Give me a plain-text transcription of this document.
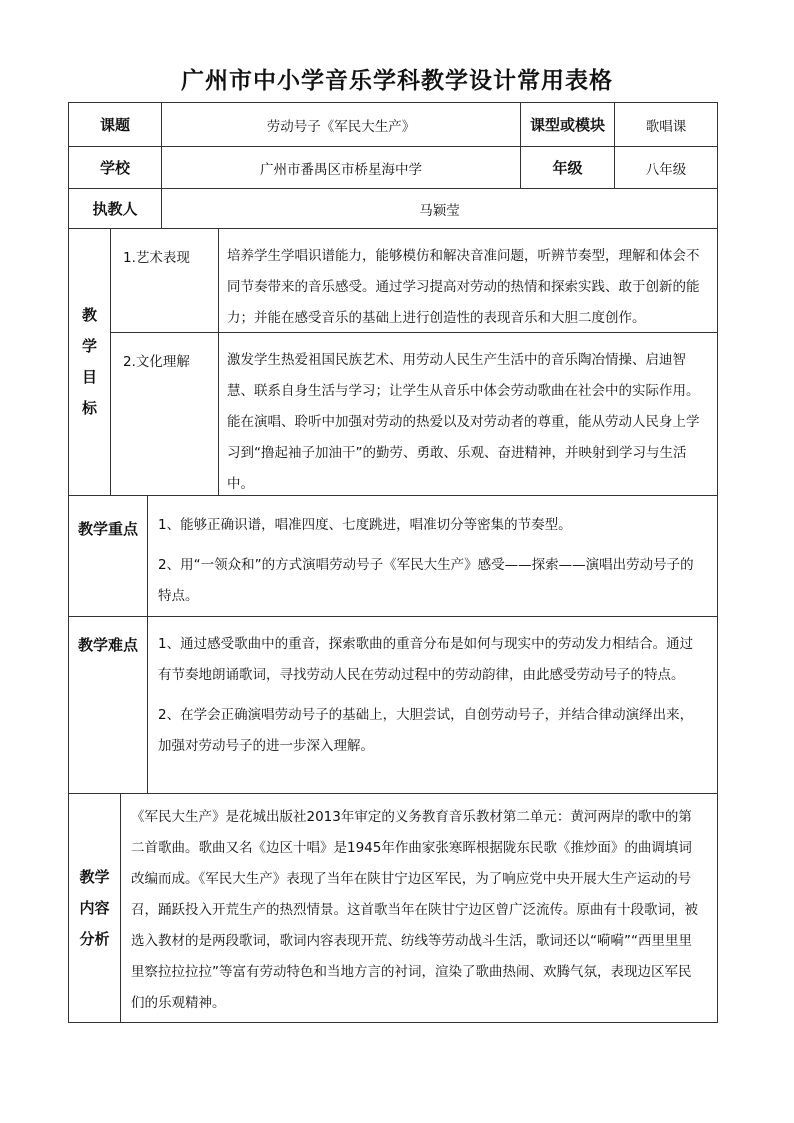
广州市中小学音乐学科教学设计常用表格
课题	劳动号子《军民大生产》	课型或模块	歌唱课
学校	广州市番禺区市桥星海中学	年级	八年级
执教人	马颖莹
教
学
目
标
1.艺术表现	培养学生学唱识谱能力，能够模仿和解决音准问题，听辨节奏型，理解和体会不同节奏带来的音乐感受。通过学习提高对劳动的热情和探索实践、敢于创新的能力；并能在感受音乐的基础上进行创造性的表现音乐和大胆二度创作。
2.文化理解	激发学生热爱祖国民族艺术、用劳动人民生产生活中的音乐陶冶情操、启迪智慧、联系自身生活与学习；让学生从音乐中体会劳动歌曲在社会中的实际作用。能在演唱、聆听中加强对劳动的热爱以及对劳动者的尊重，能从劳动人民身上学习到“撸起袖子加油干”的勤劳、勇敢、乐观、奋进精神，并映射到学习与生活中。
教学重点	1、能够正确识谱，唱准四度、七度跳进，唱准切分等密集的节奏型。

2、用“一领众和”的方式演唱劳动号子《军民大生产》感受——探索——演唱出劳动号子的特点。

教学难点	1、通过感受歌曲中的重音，探索歌曲的重音分布是如何与现实中的劳动发力相结合。通过有节奏地朗诵歌词，寻找劳动人民在劳动过程中的劳动韵律，由此感受劳动号子的特点。

2、在学会正确演唱劳动号子的基础上，大胆尝试，自创劳动号子，并结合律动演绎出来，加强对劳动号子的进一步深入理解。

教学
内容
分析
《军民大生产》是花城出版社2013年审定的义务教育音乐教材第二单元：黄河两岸的歌中的第二首歌曲。歌曲又名《边区十唱》是1945年作曲家张寒晖根据陇东民歌《推炒面》的曲调填词改编而成。《军民大生产》表现了当年在陕甘宁边区军民，为了响应党中央开展大生产运动的号召，踊跃投入开荒生产的热烈情景。这首歌当年在陕甘宁边区曾广泛流传。原曲有十段歌词，被选入教材的是两段歌词，歌词内容表现开荒、纺线等劳动战斗生活，歌词还以“嗬嗬”“西里里里里察拉拉拉拉”等富有劳动特色和当地方言的衬词，渲染了歌曲热闹、欢腾气氛，表现边区军民们的乐观精神。
